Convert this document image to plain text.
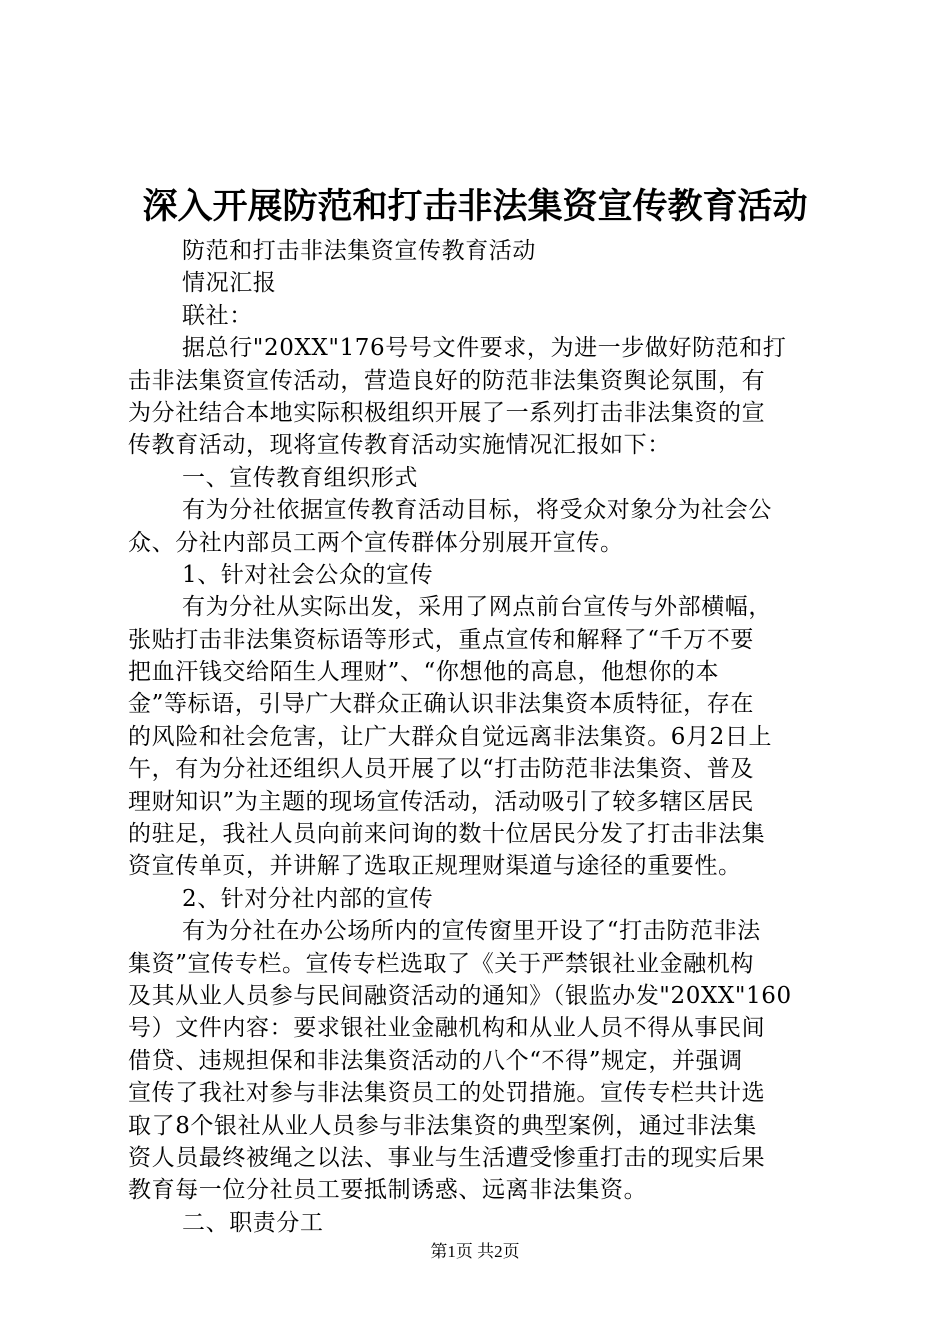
深入开展防范和打击非法集资宣传教育活动
防范和打击非法集资宣传教育活动
情况汇报
联社：
据总行"20XX"176号号文件要求，为进一步做好防范和打
击非法集资宣传活动，营造良好的防范非法集资舆论氛围，有
为分社结合本地实际积极组织开展了一系列打击非法集资的宣
传教育活动，现将宣传教育活动实施情况汇报如下：
一、宣传教育组织形式
有为分社依据宣传教育活动目标，将受众对象分为社会公
众、分社内部员工两个宣传群体分别展开宣传。
1、针对社会公众的宣传
有为分社从实际出发，采用了网点前台宣传与外部横幅，
张贴打击非法集资标语等形式，重点宣传和解释了“千万不要
把血汗钱交给陌生人理财”、“你想他的高息，他想你的本
金”等标语，引导广大群众正确认识非法集资本质特征，存在
的风险和社会危害，让广大群众自觉远离非法集资。6月2日上
午，有为分社还组织人员开展了以“打击防范非法集资、普及
理财知识”为主题的现场宣传活动，活动吸引了较多辖区居民
的驻足，我社人员向前来问询的数十位居民分发了打击非法集
资宣传单页，并讲解了选取正规理财渠道与途径的重要性。
2、针对分社内部的宣传
有为分社在办公场所内的宣传窗里开设了“打击防范非法
集资”宣传专栏。宣传专栏选取了《关于严禁银社业金融机构
及其从业人员参与民间融资活动的通知》（银监办发"20XX"160
号）文件内容：要求银社业金融机构和从业人员不得从事民间
借贷、违规担保和非法集资活动的八个“不得”规定，并强调
宣传了我社对参与非法集资员工的处罚措施。宣传专栏共计选
取了8个银社从业人员参与非法集资的典型案例，通过非法集
资人员最终被绳之以法、事业与生活遭受惨重打击的现实后果
教育每一位分社员工要抵制诱惑、远离非法集资。
二、职责分工
第1页 共2页
